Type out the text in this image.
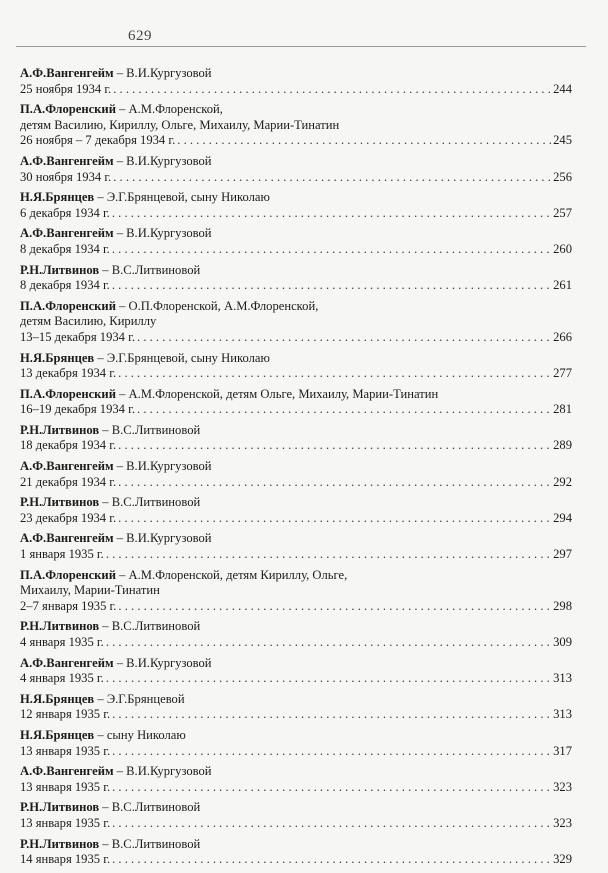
629
А.Ф.Вангенгейм – В.И.Кургузовой
25 ноября 1934 г. . . .	244
П.А.Флоренский – А.М.Флоренской,
детям Василию, Кириллу, Ольге, Михаилу, Марии-Тинатин
26 ноября – 7 декабря 1934 г. . . .	245
А.Ф.Вангенгейм – В.И.Кургузовой
30 ноября 1934 г. . . .	256
Н.Я.Брянцев – Э.Г.Брянцевой, сыну Николаю
6 декабря 1934 г. . . .	257
А.Ф.Вангенгейм – В.И.Кургузовой
8 декабря 1934 г. . . .	260
Р.Н.Литвинов – В.С.Литвиновой
8 декабря 1934 г. . . .	261
П.А.Флоренский – О.П.Флоренской, А.М.Флоренской,
детям Василию, Кириллу
13–15 декабря 1934 г. . . .	266
Н.Я.Брянцев – Э.Г.Брянцевой, сыну Николаю
13 декабря 1934 г. . . .	277
П.А.Флоренский – А.М.Флоренской, детям Ольге, Михаилу, Марии-Тинатин
16–19 декабря 1934 г. . . .	281
Р.Н.Литвинов – В.С.Литвиновой
18 декабря 1934 г. . . .	289
А.Ф.Вангенгейм – В.И.Кургузовой
21 декабря 1934 г. . . .	292
Р.Н.Литвинов – В.С.Литвиновой
23 декабря 1934 г. . . .	294
А.Ф.Вангенгейм – В.И.Кургузовой
1 января 1935 г. . . .	297
П.А.Флоренский – А.М.Флоренской, детям Кириллу, Ольге,
Михаилу, Марии-Тинатин
2–7 января 1935 г. . . .	298
Р.Н.Литвинов – В.С.Литвиновой
4 января 1935 г. . . .	309
А.Ф.Вангенгейм – В.И.Кургузовой
4 января 1935 г. . . .	313
Н.Я.Брянцев – Э.Г.Брянцевой
12 января 1935 г. . . .	313
Н.Я.Брянцев – сыну Николаю
13 января 1935 г. . . .	317
А.Ф.Вангенгейм – В.И.Кургузовой
13 января 1935 г. . . .	323
Р.Н.Литвинов – В.С.Литвиновой
13 января 1935 г. . . .	323
Р.Н.Литвинов – В.С.Литвиновой
14 января 1935 г. . . .	329
